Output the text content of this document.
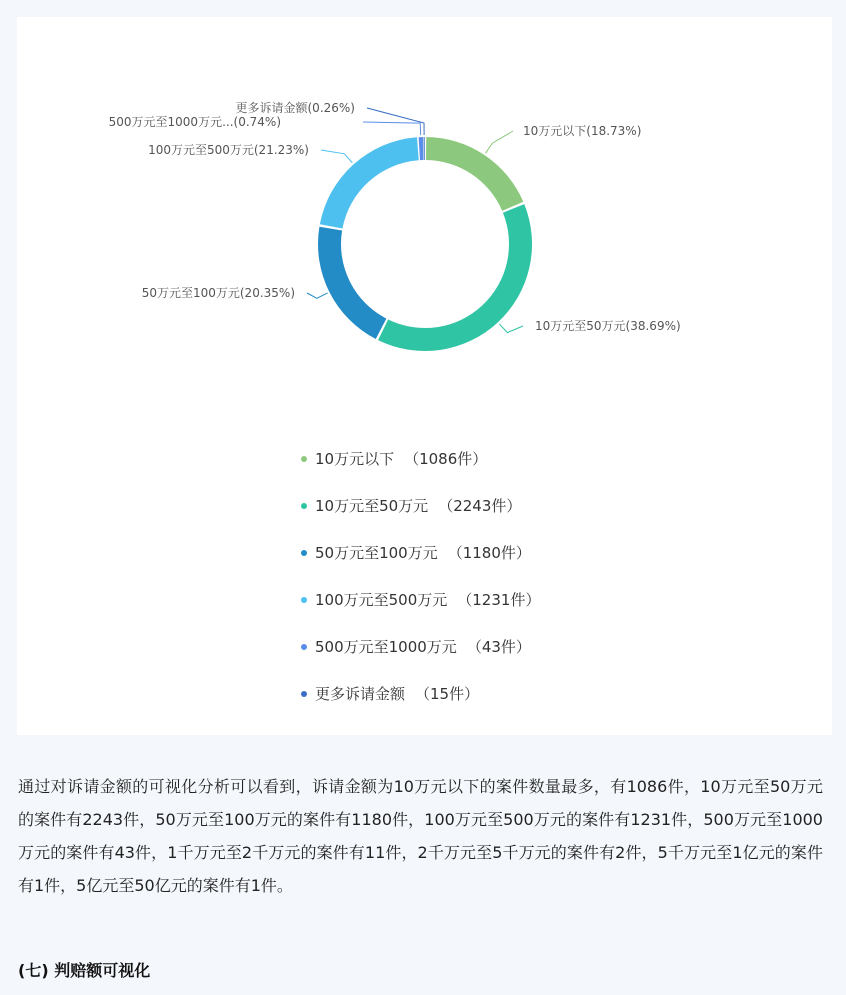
10万元以下(18.73%)
10万元至50万元(38.69%)
50万元至100万元(20.35%)
100万元至500万元(21.23%)
500万元至1000万元...(0.74%)
更多诉请金额(0.26%)
10万元以下 （1086件）
10万元至50万元 （2243件）
50万元至100万元 （1180件）
100万元至500万元 （1231件）
500万元至1000万元 （43件）
更多诉请金额 （15件）

通过对诉请金额的可视化分析可以看到，诉请金额为10万元以下的案件数量最多，有1086件，10万元至50万元的案件有2243件，50万元至100万元的案件有1180件，100万元至500万元的案件有1231件，500万元至1000万元的案件有43件，1千万元至2千万元的案件有11件，2千万元至5千万元的案件有2件，5千万元至1亿元的案件有1件，5亿元至50亿元的案件有1件。

(七) 判赔额可视化
